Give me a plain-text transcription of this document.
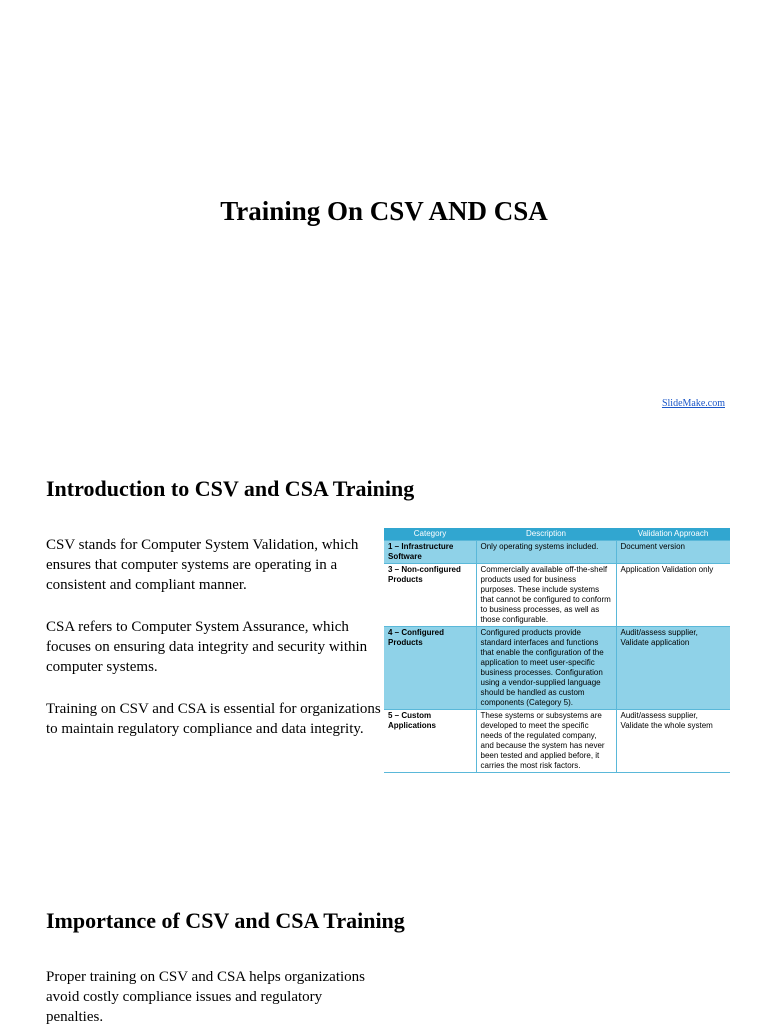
Training On CSV AND CSA
SlideMake.com
Introduction to CSV and CSA Training

CSV stands for Computer System Validation, which ensures that computer systems are operating in a consistent and compliant manner.

CSA refers to Computer System Assurance, which focuses on ensuring data integrity and security within computer systems.

Training on CSV and CSA is essential for organizations to maintain regulatory compliance and data integrity.

Category	Description	Validation Approach
1 – Infrastructure Software	Only operating systems included.	Document version
3 – Non-configured Products	Commercially available off-the-shelf products used for business purposes. These include systems that cannot be configured to conform to business processes, as well as those configurable.	Application Validation only
4 – Configured Products	Configured products provide standard interfaces and functions that enable the configuration of the application to meet user-specific business processes. Configuration using a vendor-supplied language should be handled as custom components (Category 5).	Audit/assess supplier, Validate application
5 – Custom Applications	These systems or subsystems are developed to meet the specific needs of the regulated company, and because the system has never been tested and applied before, it carries the most risk factors.	Audit/assess supplier, Validate the whole system
Importance of CSV and CSA Training

Proper training on CSV and CSA helps organizations avoid costly compliance issues and regulatory penalties.
